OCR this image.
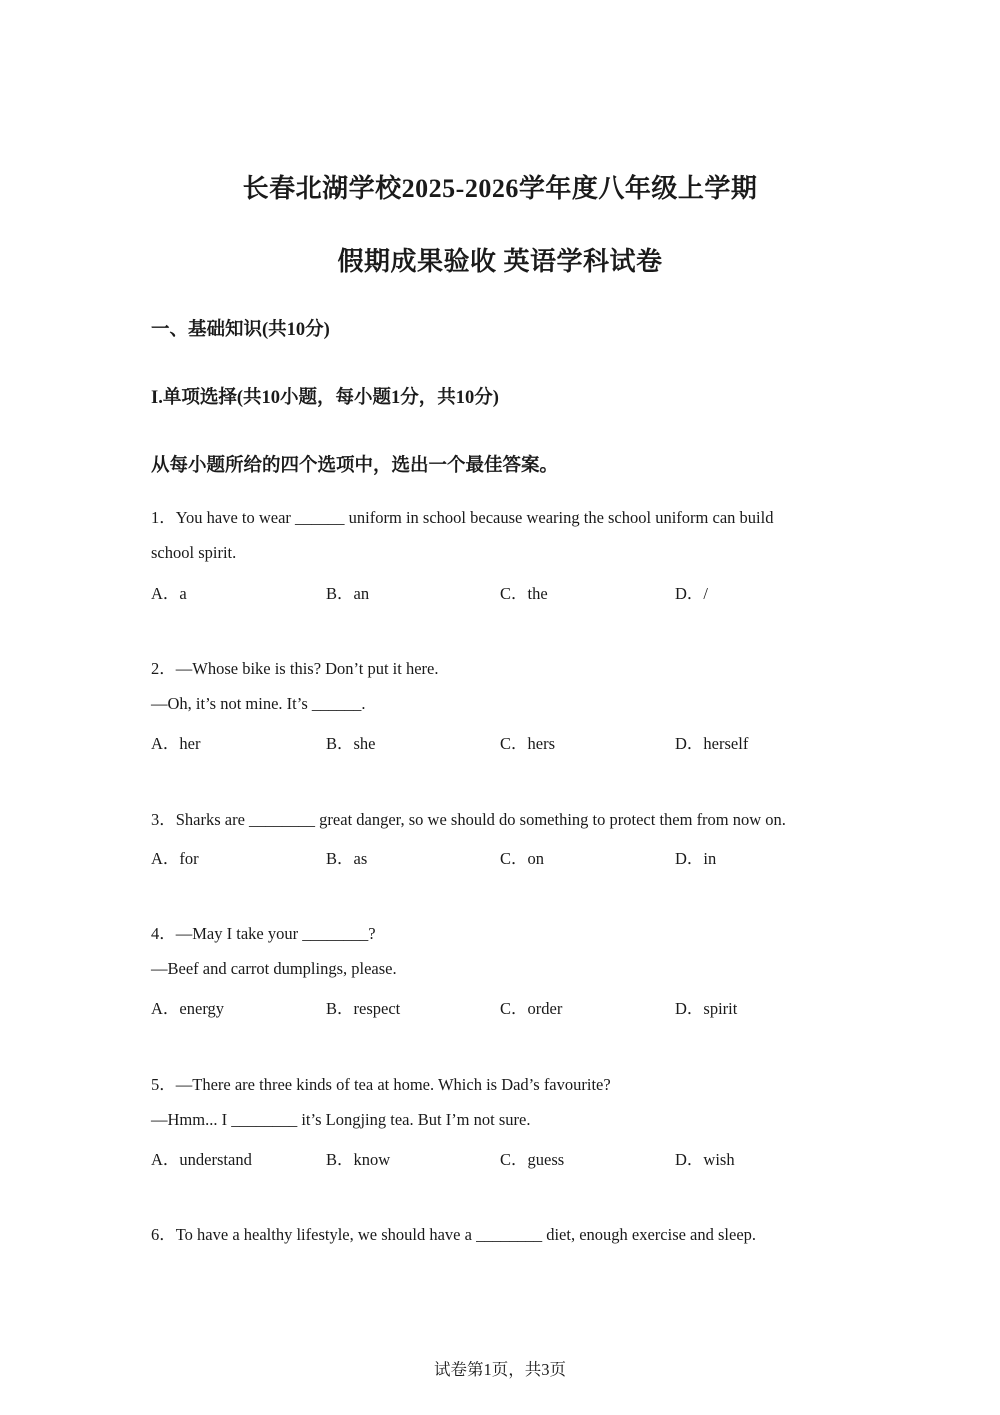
长春北湖学校2025-2026学年度八年级上学期
假期成果验收 英语学科试卷
一、基础知识(共10分)
I.单项选择(共10小题，每小题1分，共10分)
从每小题所给的四个选项中，选出一个最佳答案。
1．You have to wear ______ uniform in school because wearing the school uniform can build
school spirit.
A．a	B．an	C．the	D．/
2．—Whose bike is this? Don’t put it here.
—Oh, it’s not mine. It’s ______.
A．her	B．she	C．hers	D．herself
3．Sharks are ________ great danger, so we should do something to protect them from now on.
A．for	B．as	C．on	D．in
4．—May I take your ________?
—Beef and carrot dumplings, please.
A．energy	B．respect	C．order	D．spirit
5．—There are three kinds of tea at home. Which is Dad’s favourite?
—Hmm... I ________ it’s Longjing tea. But I’m not sure.
A．understand	B．know	C．guess	D．wish
6．To have a healthy lifestyle, we should have a ________ diet, enough exercise and sleep.
试卷第1页，共3页
